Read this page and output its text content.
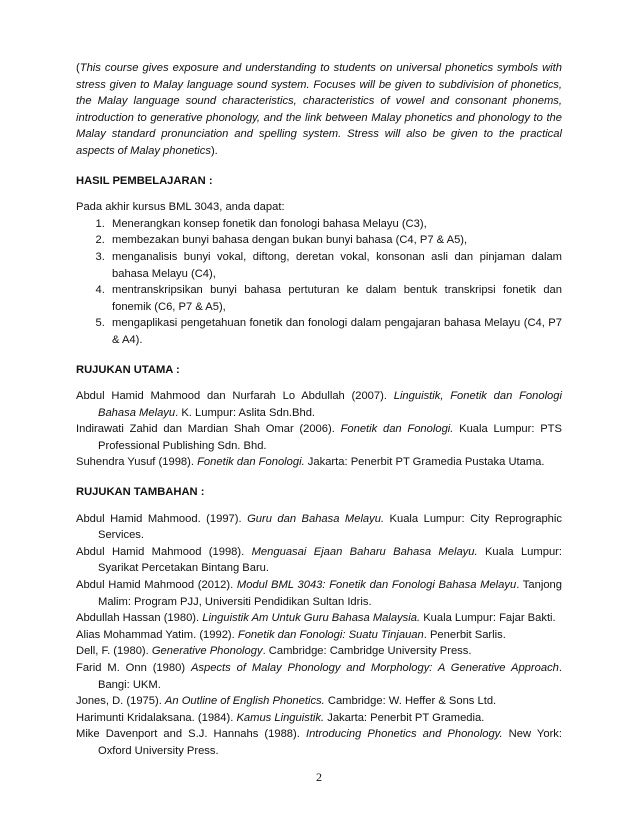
(This course gives exposure and understanding to students on universal phonetics symbols with stress given to Malay language sound system. Focuses will be given to subdivision of phonetics, the Malay language sound characteristics, characteristics of vowel and consonant phonems, introduction to generative phonology, and the link between Malay phonetics and phonology to the Malay standard pronunciation and spelling system. Stress will also be given to the practical aspects of Malay phonetics).

HASIL PEMBELAJARAN :

Pada akhir kursus BML 3043, anda dapat:

1. Menerangkan konsep fonetik dan fonologi bahasa Melayu (C3),
2. membezakan bunyi bahasa dengan bukan bunyi bahasa (C4, P7 & A5),
3. menganalisis bunyi vokal, diftong, deretan vokal, konsonan asli dan pinjaman dalam bahasa Melayu (C4),
4. mentranskripsikan bunyi bahasa pertuturan ke dalam bentuk transkripsi fonetik dan fonemik (C6, P7 & A5),
5. mengaplikasi pengetahuan fonetik dan fonologi dalam pengajaran bahasa Melayu (C4, P7 & A4).

RUJUKAN UTAMA :

Abdul Hamid Mahmood dan Nurfarah Lo Abdullah (2007). Linguistik, Fonetik dan Fonologi Bahasa Melayu. K. Lumpur: Aslita Sdn.Bhd.

Indirawati Zahid dan Mardian Shah Omar (2006). Fonetik dan Fonologi. Kuala Lumpur: PTS Professional Publishing Sdn. Bhd.

Suhendra Yusuf (1998). Fonetik dan Fonologi. Jakarta: Penerbit PT Gramedia Pustaka Utama.

RUJUKAN TAMBAHAN :

Abdul Hamid Mahmood. (1997). Guru dan Bahasa Melayu. Kuala Lumpur: City Reprographic Services.

Abdul Hamid Mahmood (1998). Menguasai Ejaan Baharu Bahasa Melayu. Kuala Lumpur: Syarikat Percetakan Bintang Baru.

Abdul Hamid Mahmood (2012). Modul BML 3043: Fonetik dan Fonologi Bahasa Melayu. Tanjong Malim: Program PJJ, Universiti Pendidikan Sultan Idris.

Abdullah Hassan (1980). Linguistik Am Untuk Guru Bahasa Malaysia. Kuala Lumpur: Fajar Bakti.

Alias Mohammad Yatim. (1992). Fonetik dan Fonologi: Suatu Tinjauan. Penerbit Sarlis.

Dell, F. (1980). Generative Phonology. Cambridge: Cambridge University Press.

Farid M. Onn (1980) Aspects of Malay Phonology and Morphology: A Generative Approach. Bangi: UKM.

Jones, D. (1975). An Outline of English Phonetics. Cambridge: W. Heffer & Sons Ltd.

Harimunti Kridalaksana. (1984). Kamus Linguistik. Jakarta: Penerbit PT Gramedia.

Mike Davenport and S.J. Hannahs (1988). Introducing Phonetics and Phonology. New York: Oxford University Press.

2
